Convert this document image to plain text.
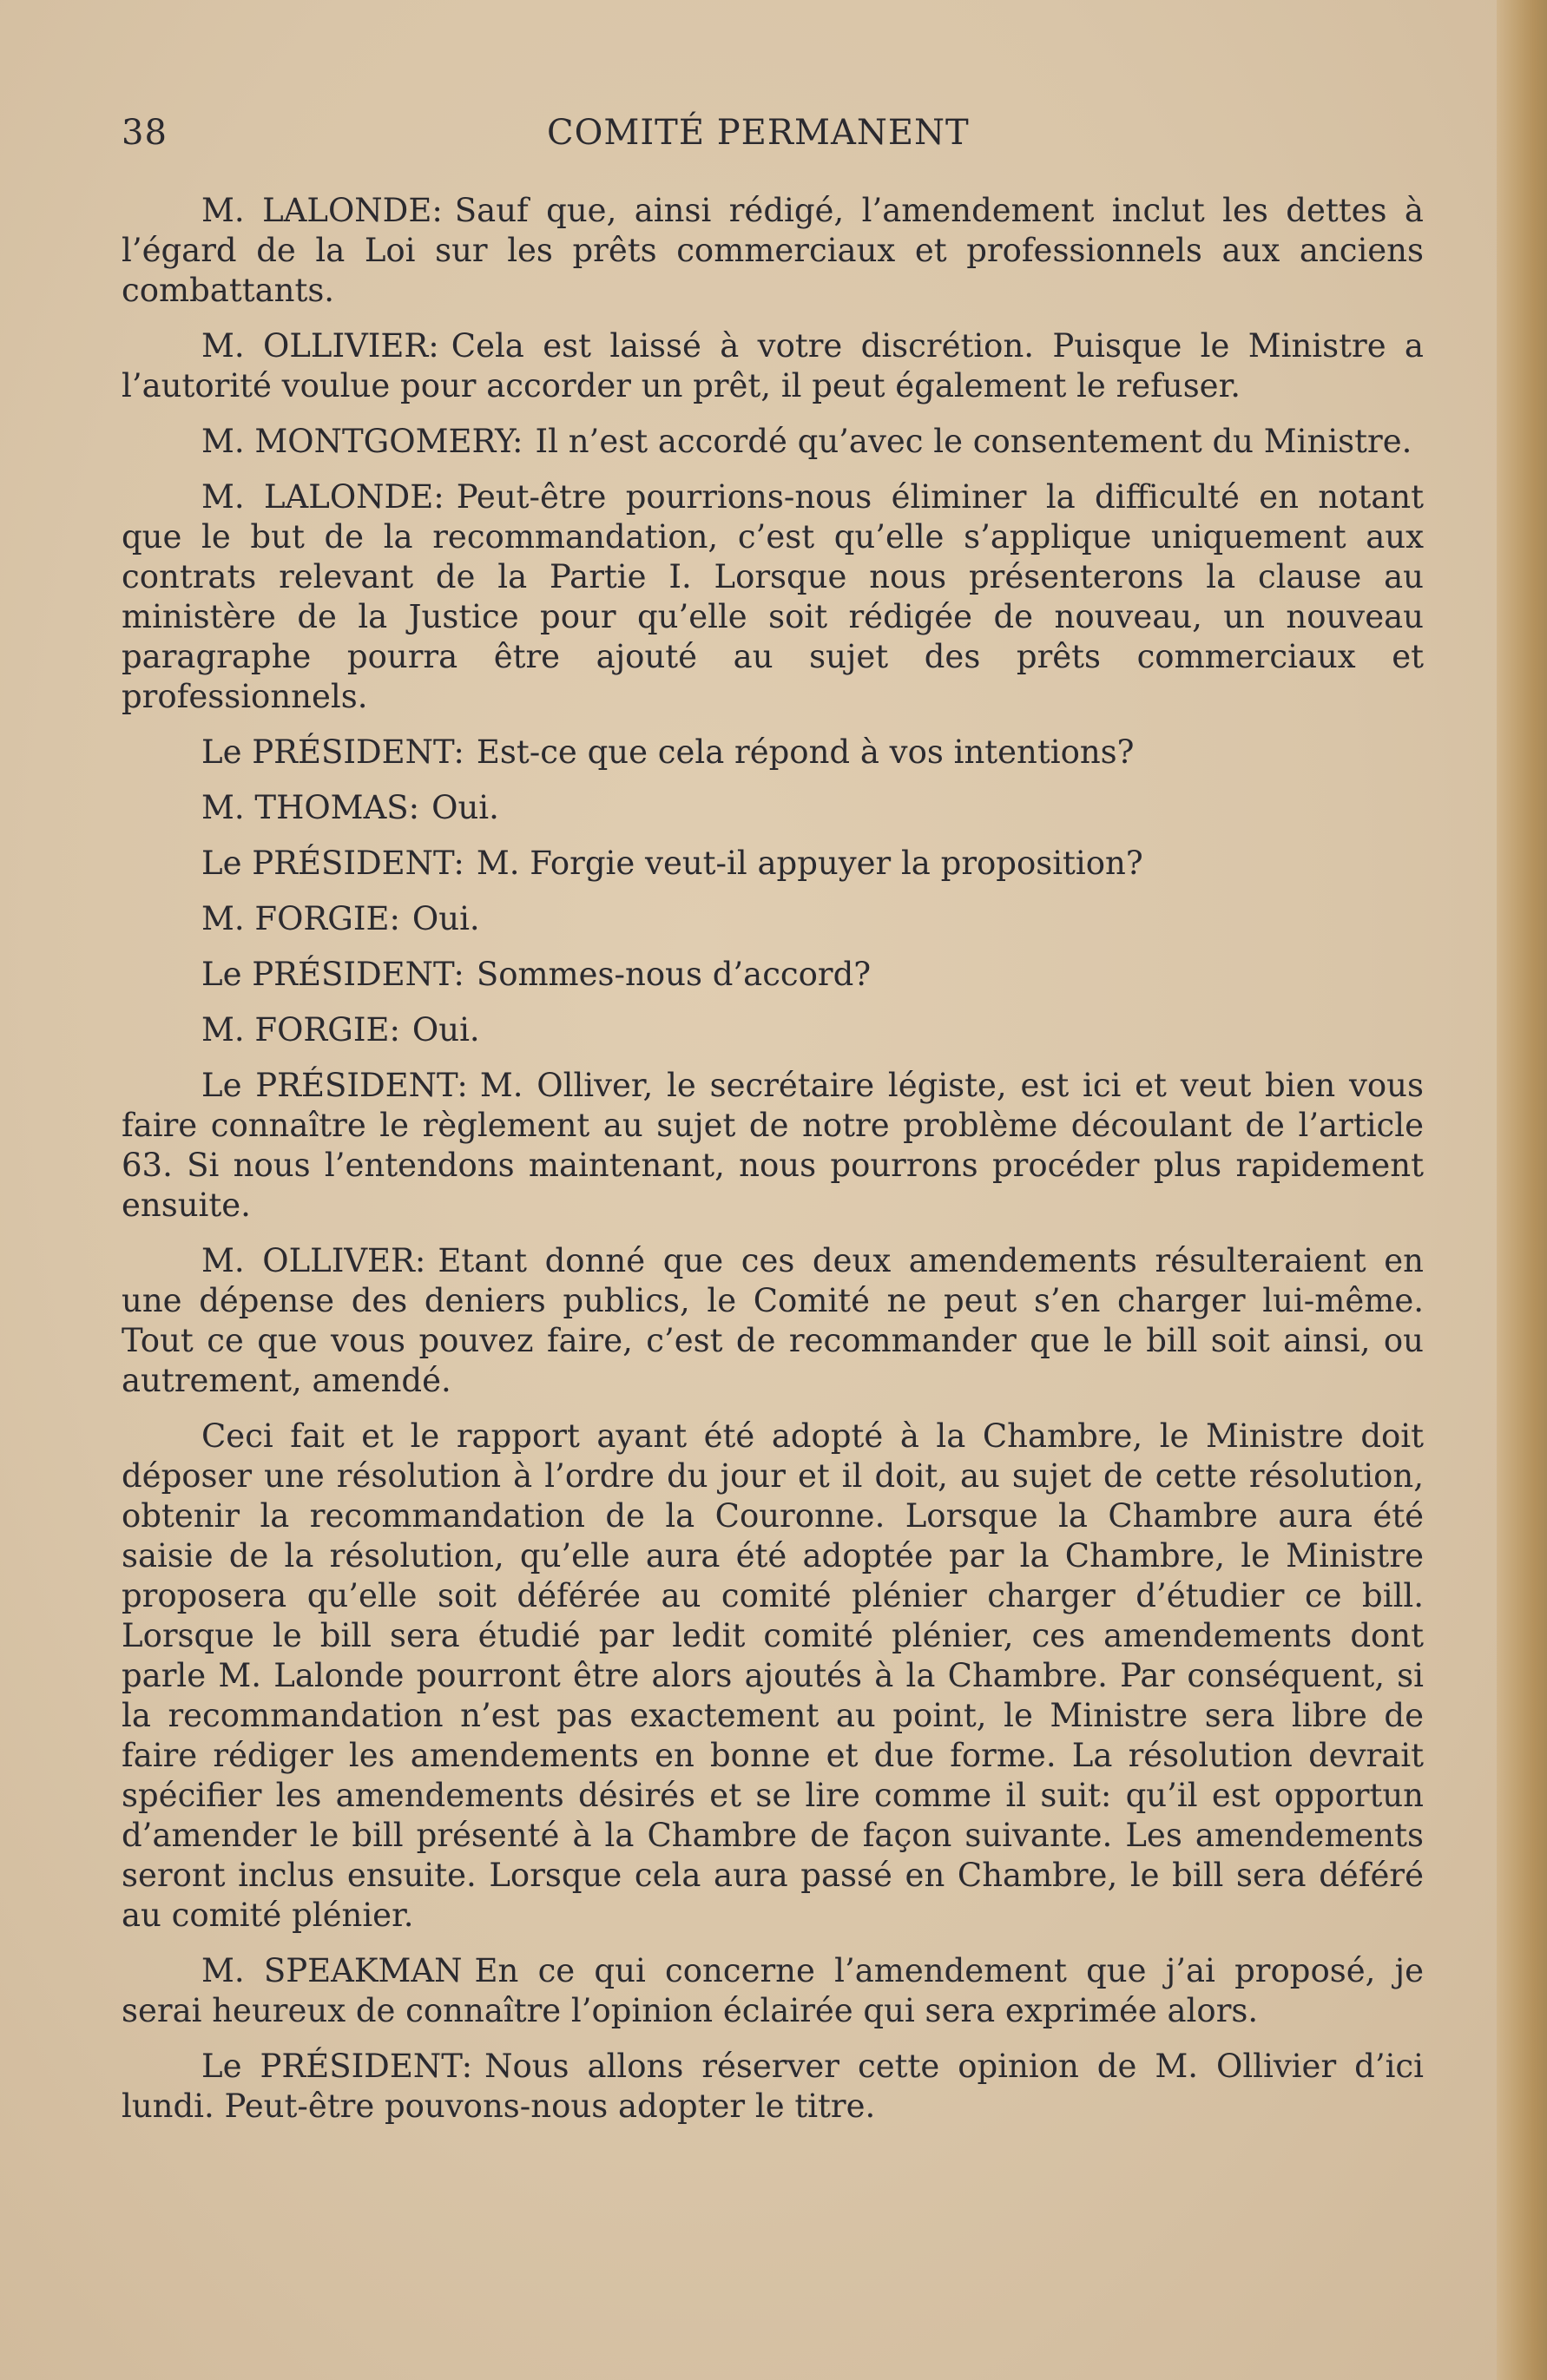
38	COMITÉ PERMANENT

M. LALONDE: Sauf que, ainsi rédigé, l’amendement inclut les dettes à l’égard de la Loi sur les prêts commerciaux et professionnels aux anciens combattants.

M. OLLIVIER: Cela est laissé à votre discrétion. Puisque le Ministre a l’autorité voulue pour accorder un prêt, il peut également le refuser.

M. MONTGOMERY: Il n’est accordé qu’avec le consentement du Ministre.

M. LALONDE: Peut-être pourrions-nous éliminer la difficulté en notant que le but de la recommandation, c’est qu’elle s’applique uniquement aux contrats relevant de la Partie I. Lorsque nous présenterons la clause au ministère de la Justice pour qu’elle soit rédigée de nouveau, un nouveau paragraphe pourra être ajouté au sujet des prêts commerciaux et professionnels.

Le PRÉSIDENT: Est-ce que cela répond à vos intentions?

M. THOMAS: Oui.

Le PRÉSIDENT: M. Forgie veut-il appuyer la proposition?

M. FORGIE: Oui.

Le PRÉSIDENT: Sommes-nous d’accord?

M. FORGIE: Oui.

Le PRÉSIDENT: M. Olliver, le secrétaire légiste, est ici et veut bien vous faire connaître le règlement au sujet de notre problème découlant de l’article 63. Si nous l’entendons maintenant, nous pourrons procéder plus rapidement ensuite.

M. OLLIVER: Etant donné que ces deux amendements résulteraient en une dépense des deniers publics, le Comité ne peut s’en charger lui-même. Tout ce que vous pouvez faire, c’est de recommander que le bill soit ainsi, ou autrement, amendé.

Ceci fait et le rapport ayant été adopté à la Chambre, le Ministre doit déposer une résolution à l’ordre du jour et il doit, au sujet de cette résolution, obtenir la recommandation de la Couronne. Lorsque la Chambre aura été saisie de la résolution, qu’elle aura été adoptée par la Chambre, le Ministre proposera qu’elle soit déférée au comité plénier charger d’étudier ce bill. Lorsque le bill sera étudié par ledit comité plénier, ces amendements dont parle M. Lalonde pourront être alors ajoutés à la Chambre. Par conséquent, si la recommandation n’est pas exactement au point, le Ministre sera libre de faire rédiger les amendements en bonne et due forme. La résolution devrait spécifier les amendements désirés et se lire comme il suit: qu’il est opportun d’amender le bill présenté à la Chambre de façon suivante. Les amendements seront inclus ensuite. Lorsque cela aura passé en Chambre, le bill sera déféré au comité plénier.

M. SPEAKMAN En ce qui concerne l’amendement que j’ai proposé, je serai heureux de connaître l’opinion éclairée qui sera exprimée alors.

Le PRÉSIDENT: Nous allons réserver cette opinion de M. Ollivier d’ici lundi. Peut-être pouvons-nous adopter le titre.
